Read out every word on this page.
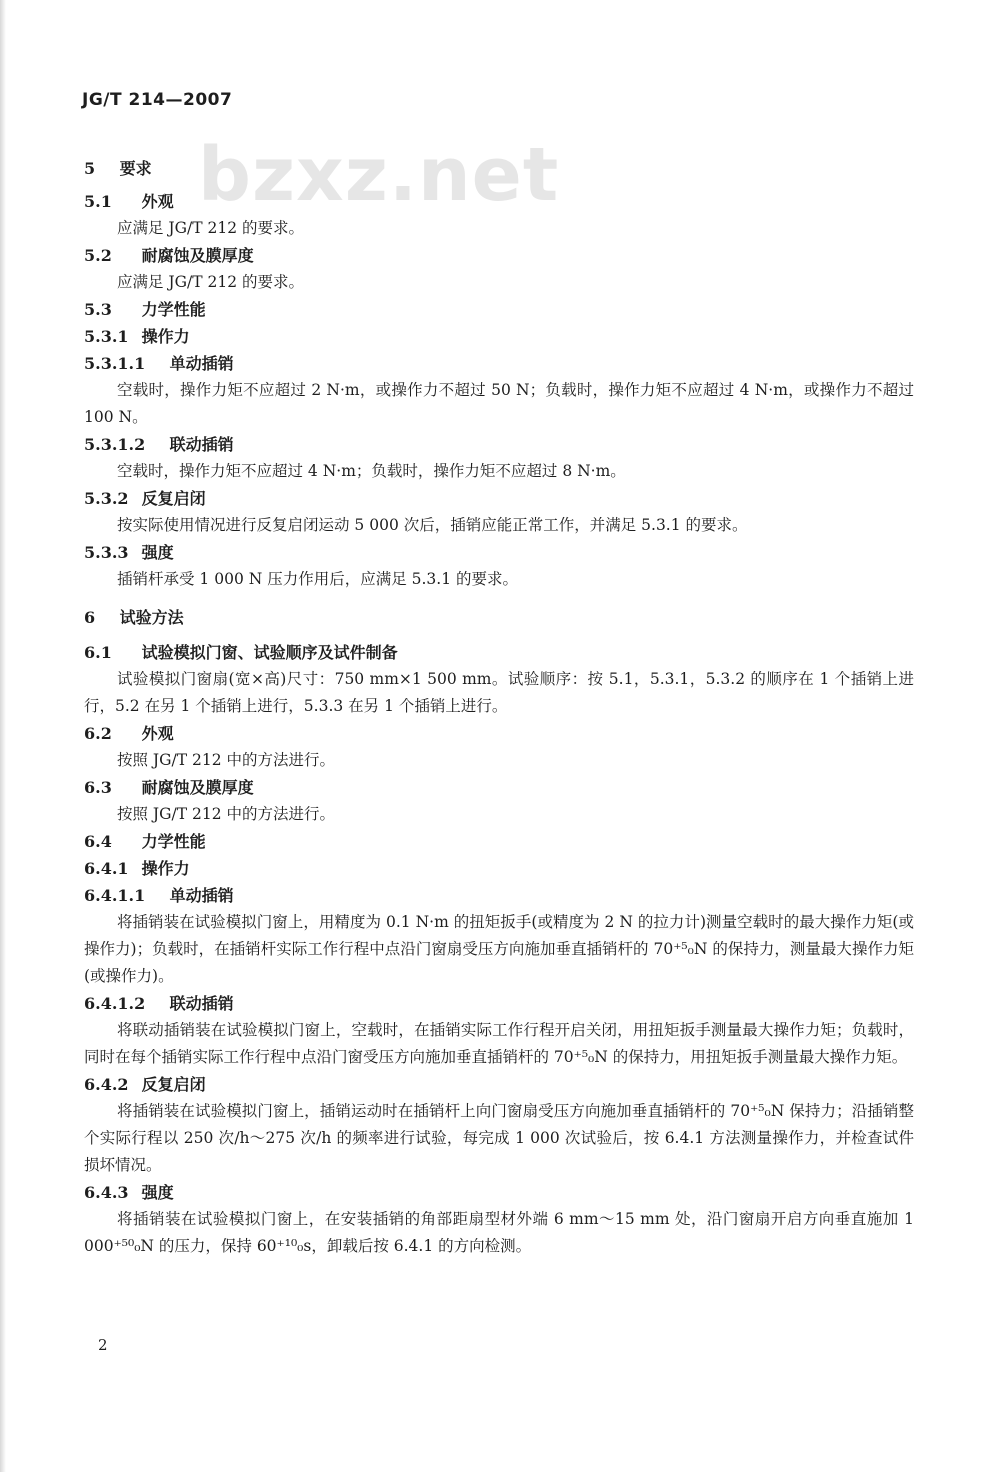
JG/T 214—2007
bzxz.net
5 要求
5.1 外观
应满足 JG/T 212 的要求。
5.2 耐腐蚀及膜厚度
应满足 JG/T 212 的要求。
5.3 力学性能
5.3.1 操作力
5.3.1.1 单动插销
空载时，操作力矩不应超过 2 N·m，或操作力不超过 50 N；负载时，操作力矩不应超过 4 N·m，或操作力不超过 100 N。
5.3.1.2 联动插销
空载时，操作力矩不应超过 4 N·m；负载时，操作力矩不应超过 8 N·m。
5.3.2 反复启闭
按实际使用情况进行反复启闭运动 5 000 次后，插销应能正常工作，并满足 5.3.1 的要求。
5.3.3 强度
插销杆承受 1 000 N 压力作用后，应满足 5.3.1 的要求。
6 试验方法
6.1 试验模拟门窗、试验顺序及试件制备
试验模拟门窗扇(宽×高)尺寸：750 mm×1 500 mm。试验顺序：按 5.1，5.3.1，5.3.2 的顺序在 1 个插销上进行，5.2 在另 1 个插销上进行，5.3.3 在另 1 个插销上进行。
6.2 外观
按照 JG/T 212 中的方法进行。
6.3 耐腐蚀及膜厚度
按照 JG/T 212 中的方法进行。
6.4 力学性能
6.4.1 操作力
6.4.1.1 单动插销
将插销装在试验模拟门窗上，用精度为 0.1 N·m 的扭矩扳手(或精度为 2 N 的拉力计)测量空载时的最大操作力矩(或操作力)；负载时，在插销杆实际工作行程中点沿门窗扇受压方向施加垂直插销杆的 70⁺⁵₀N 的保持力，测量最大操作力矩(或操作力)。
6.4.1.2 联动插销
将联动插销装在试验模拟门窗上，空载时，在插销实际工作行程开启关闭，用扭矩扳手测量最大操作力矩；负载时，同时在每个插销实际工作行程中点沿门窗受压方向施加垂直插销杆的 70⁺⁵₀N 的保持力，用扭矩扳手测量最大操作力矩。
6.4.2 反复启闭
将插销装在试验模拟门窗上，插销运动时在插销杆上向门窗扇受压方向施加垂直插销杆的 70⁺⁵₀N 保持力；沿插销整个实际行程以 250 次/h～275 次/h 的频率进行试验，每完成 1 000 次试验后，按 6.4.1 方法测量操作力，并检查试件损坏情况。
6.4.3 强度
将插销装在试验模拟门窗上，在安装插销的角部距扇型材外端 6 mm～15 mm 处，沿门窗扇开启方向垂直施加 1 000⁺⁵⁰₀N 的压力，保持 60⁺¹⁰₀s，卸载后按 6.4.1 的方向检测。
2
